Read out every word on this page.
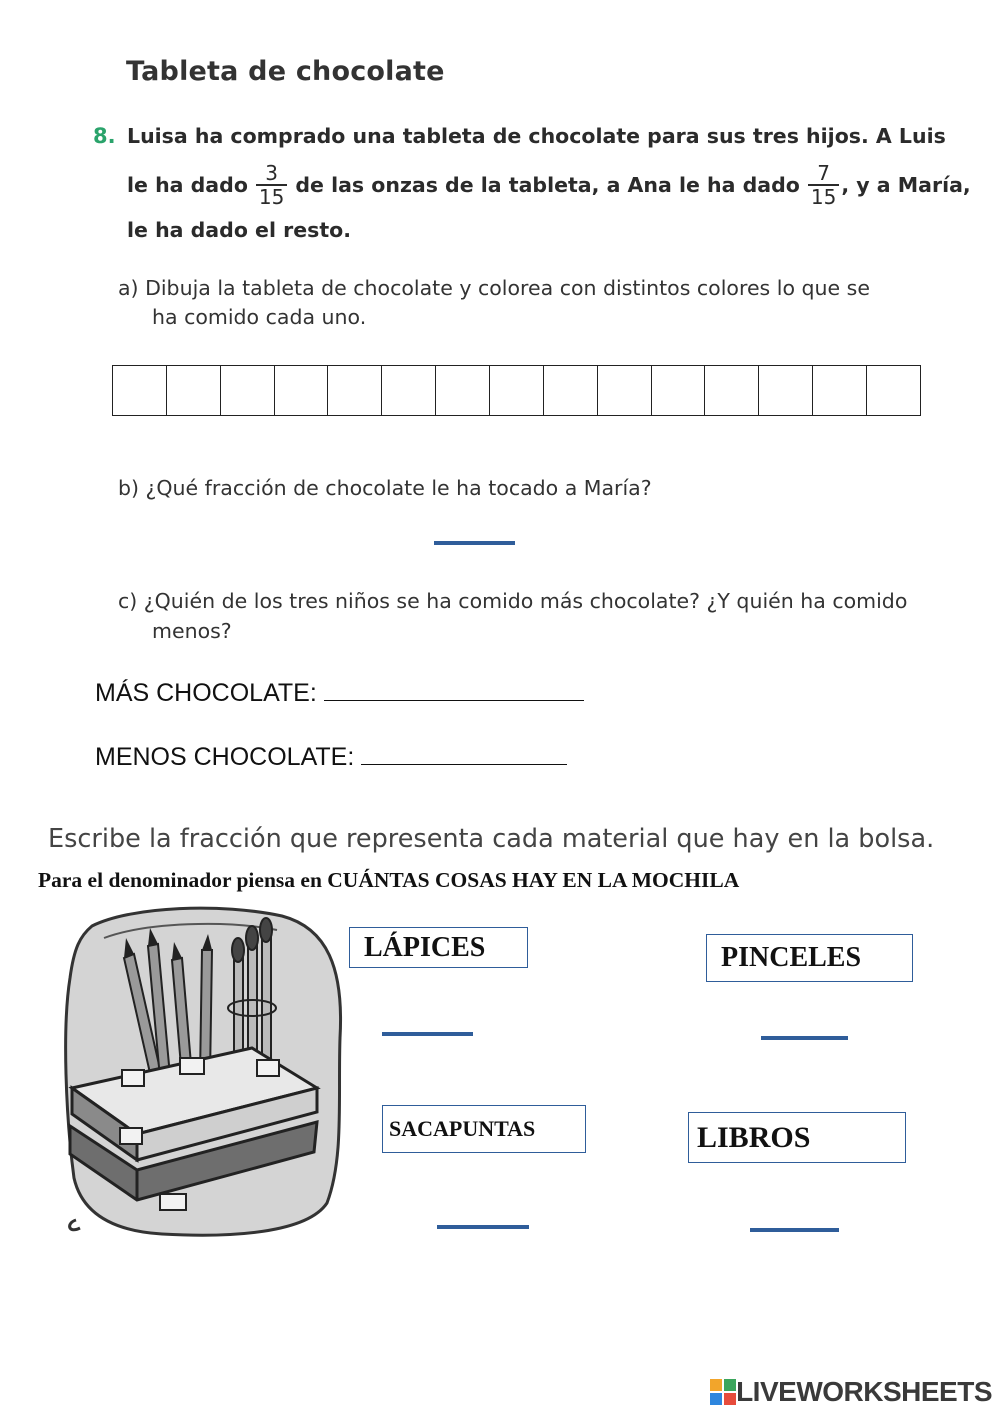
Tableta de chocolate
8. Luisa ha comprado una tableta de chocolate para sus tres hijos. A Luis
le ha dado $\frac{3}{15}$ de las onzas de la tableta, a Ana le ha dado $\frac{7}{15}$ , y a María,
le ha dado el resto.
a) Dibuja la tableta de chocolate y colorea con distintos colores lo que se
ha comido cada uno.
b) ¿Qué fracción de chocolate le ha tocado a María?
c) ¿Quién de los tres niños se ha comido más chocolate? ¿Y quién ha comido
menos?
MÁS CHOCOLATE:
MENOS CHOCOLATE:
Escribe la fracción que representa cada material que hay en la bolsa.
Para el denominador piensa en CUÁNTAS COSAS HAY EN LA MOCHILA
LÁPICES	PINCELES
SACAPUNTAS	LIBROS
LIVEWORKSHEETS
